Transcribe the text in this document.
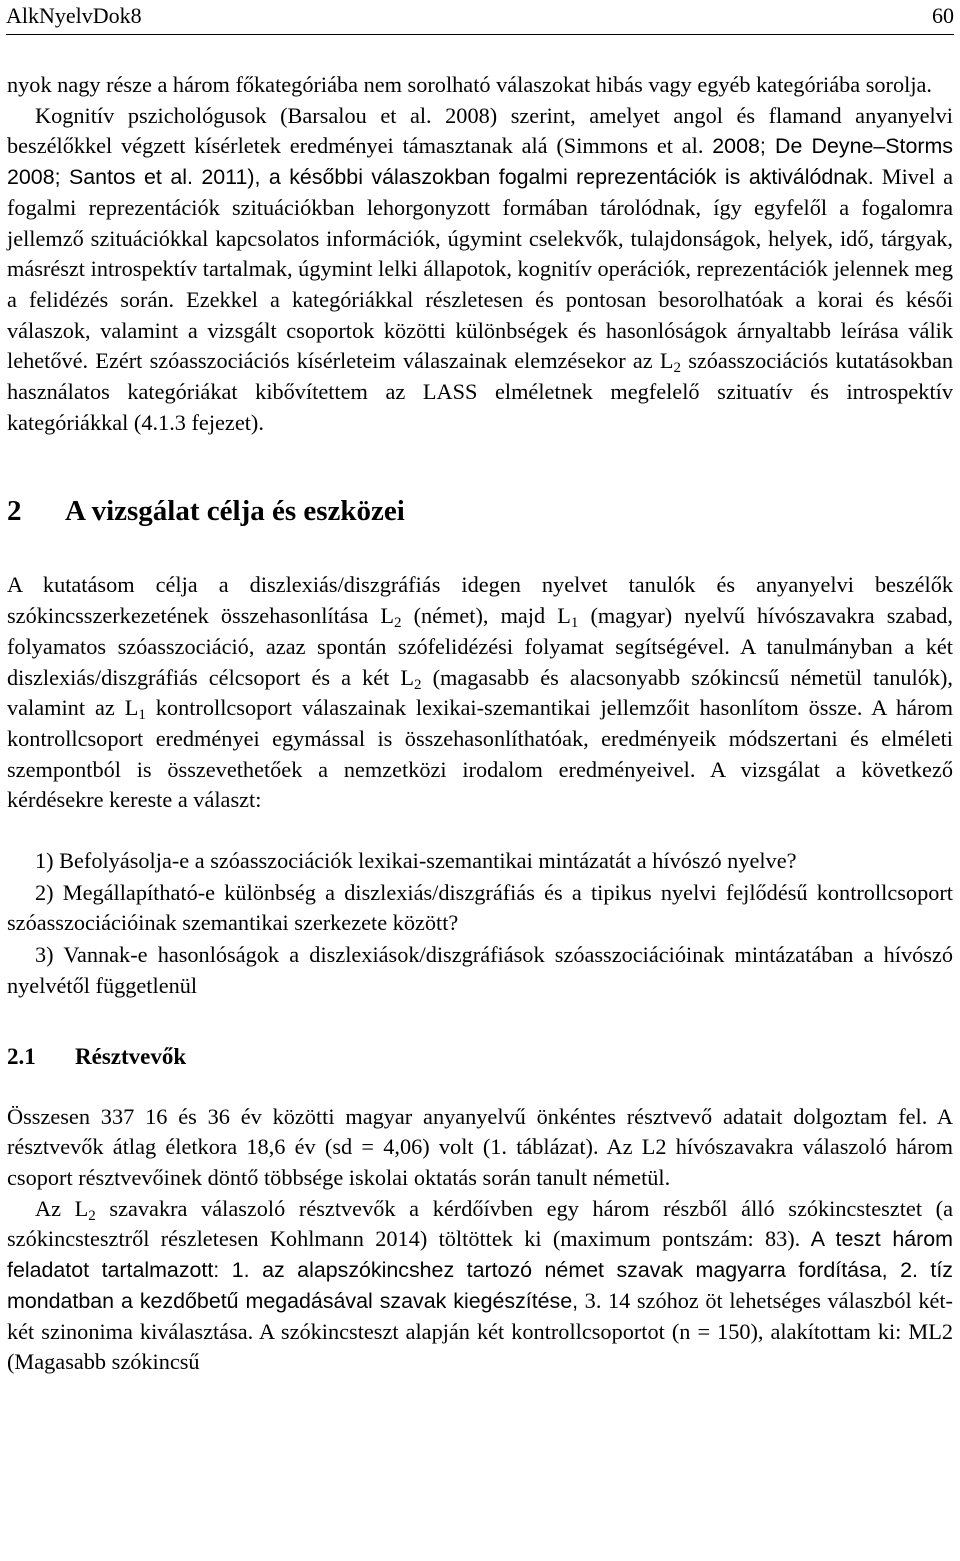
AlkNyelvDok8	60

nyok nagy része a három főkategóriába nem sorolható válaszokat hibás vagy egyéb kategóriába sorolja.

Kognitív pszichológusok (Barsalou et al. 2008) szerint, amelyet angol és flamand anyanyelvi beszélőkkel végzett kísérletek eredményei támasztanak alá (Simmons et al. 2008; De Deyne–Storms 2008; Santos et al. 2011), a későbbi válaszokban fogalmi reprezentációk is aktiválódnak. Mivel a fogalmi reprezentációk szituációkban lehorgonyzott formában tárolódnak, így egyfelől a fogalomra jellemző szituációkkal kapcsolatos információk, úgymint cselekvők, tulajdonságok, helyek, idő, tárgyak, másrészt introspektív tartalmak, úgymint lelki állapotok, kognitív operációk, reprezentációk jelennek meg a felidézés során. Ezekkel a kategóriákkal részletesen és pontosan besorolhatóak a korai és késői válaszok, valamint a vizsgált csoportok közötti különbségek és hasonlóságok árnyaltabb leírása válik lehetővé. Ezért szóasszociációs kísérleteim válaszainak elemzésekor az $L_2$ szóasszociációs kutatásokban használatos kategóriákat kibővítettem az LASS elméletnek megfelelő szituatív és introspektív kategóriákkal (4.1.3 fejezet).

2 A vizsgálat célja és eszközei

A kutatásom célja a diszlexiás/diszgráfiás idegen nyelvet tanulók és anyanyelvi beszélők szókincsszerkezetének összehasonlítása $L_2$ (német), majd $L_1$ (magyar) nyelvű hívószavakra szabad, folyamatos szóasszociáció, azaz spontán szófelidézési folyamat segítségével. A tanulmányban a két diszlexiás/diszgráfiás célcsoport és a két $L_2$ (magasabb és alacsonyabb szókincsű németül tanulók), valamint az $L_1$ kontrollcsoport válaszainak lexikai-szemantikai jellemzőit hasonlítom össze. A három kontrollcsoport eredményei egymással is összehasonlíthatóak, eredményeik módszertani és elméleti szempontból is összevethetőek a nemzetközi irodalom eredményeivel. A vizsgálat a következő kérdésekre kereste a választ:

1) Befolyásolja-e a szóasszociációk lexikai-szemantikai mintázatát a hívószó nyelve?

2) Megállapítható-e különbség a diszlexiás/diszgráfiás és a tipikus nyelvi fejlődésű kontrollcsoport szóasszociációinak szemantikai szerkezete között?

3) Vannak-e hasonlóságok a diszlexiások/diszgráfiások szóasszociációinak mintázatában a hívószó nyelvétől függetlenül

2.1 Résztvevők

Összesen 337 16 és 36 év közötti magyar anyanyelvű önkéntes résztvevő adatait dolgoztam fel. A résztvevők átlag életkora 18,6 év (sd = 4,06) volt (1. táblázat). Az L2 hívószavakra válaszoló három csoport résztvevőinek döntő többsége iskolai oktatás során tanult németül.

Az $L_2$ szavakra válaszoló résztvevők a kérdőívben egy három részből álló szókincstesztet (a szókincstesztről részletesen Kohlmann 2014) töltöttek ki (maximum pontszám: 83). A teszt három feladatot tartalmazott: 1. az alapszókincshez tartozó német szavak magyarra fordítása, 2. tíz mondatban a kezdőbetű megadásával szavak kiegészítése, 3. 14 szóhoz öt lehetséges válaszból két-két szinonima kiválasztása. A szókincsteszt alapján két kontrollcsoportot (n = 150), alakítottam ki: ML2 (Magasabb szókincsű
